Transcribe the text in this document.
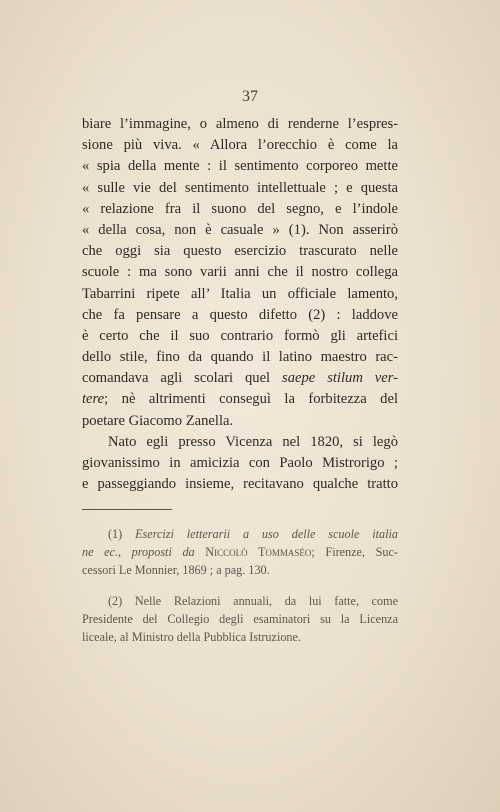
37
biare l’immagine, o almeno di renderne l’espres-
sione più viva. « Allora l’orecchio è come la
« spia della mente : il sentimento corporeo mette
« sulle vie del sentimento intellettuale ; e questa
« relazione fra il suono del segno, e l’indole
« della cosa, non è casuale » (1). Non asserirò
che oggi sia questo esercizio trascurato nelle
scuole : ma sono varii anni che il nostro collega
Tabarrini ripete all’ Italia un officiale lamento,
che fa pensare a questo difetto (2) : laddove
è certo che il suo contrario formò gli artefici
dello stile, fino da quando il latino maestro rac-
comandava agli scolari quel saepe stilum ver-
tere; nè altrimenti conseguì la forbitezza del
poetare Giacomo Zanella.
Nato egli presso Vicenza nel 1820, si legò
giovanissimo in amicizia con Paolo Mistrorigo ;
e passeggiando insieme, recitavano qualche tratto
(1) Esercizi letterarii a uso delle scuole italia
ne ec., proposti da Niccolò Tommaséo; Firenze, Suc-
cessori Le Monnier, 1869 ; a pag. 130.
(2) Nelle Relazioni annuali, da lui fatte, come
Presidente del Collegio degli esaminatori su la Licenza
liceale, al Ministro della Pubblica Istruzione.
